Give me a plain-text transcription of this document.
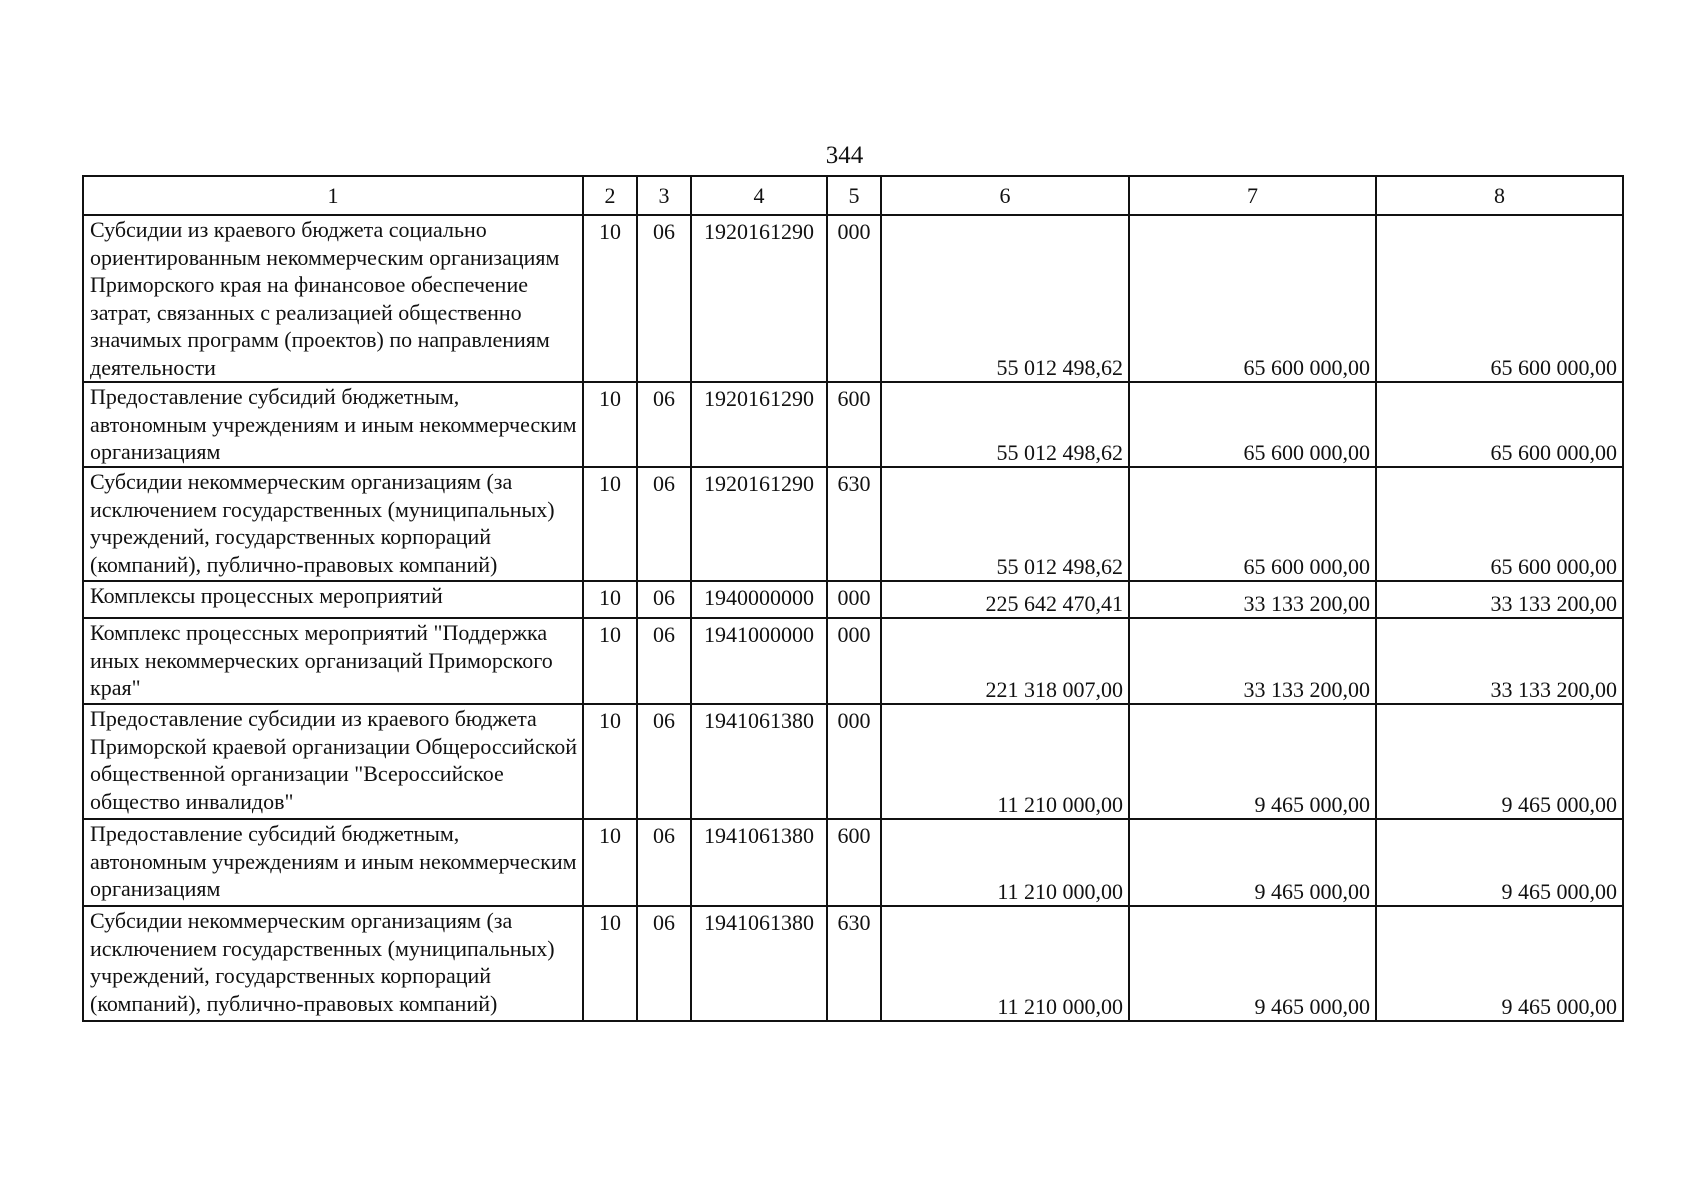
344
1	2	3	4	5	6	7	8
Субсидии из краевого бюджета социально ориентированным некоммерческим организациям Приморского края на финансовое обеспечение затрат, связанных с реализацией общественно значимых программ (проектов) по направлениям деятельности	10	06	1920161290	000	55 012 498,62	65 600 000,00	65 600 000,00
Предоставление субсидий бюджетным, автономным учреждениям и иным некоммерческим организациям	10	06	1920161290	600	55 012 498,62	65 600 000,00	65 600 000,00
Субсидии некоммерческим организациям (за исключением государственных (муниципальных) учреждений, государственных корпораций (компаний), публично-правовых компаний)	10	06	1920161290	630	55 012 498,62	65 600 000,00	65 600 000,00
Комплексы процессных мероприятий	10	06	1940000000	000	225 642 470,41	33 133 200,00	33 133 200,00
Комплекс процессных мероприятий "Поддержка иных некоммерческих организаций Приморского края"	10	06	1941000000	000	221 318 007,00	33 133 200,00	33 133 200,00
Предоставление субсидии из краевого бюджета Приморской краевой организации Общероссийской общественной организации "Всероссийское общество инвалидов"	10	06	1941061380	000	11 210 000,00	9 465 000,00	9 465 000,00
Предоставление субсидий бюджетным, автономным учреждениям и иным некоммерческим организациям	10	06	1941061380	600	11 210 000,00	9 465 000,00	9 465 000,00
Субсидии некоммерческим организациям (за исключением государственных (муниципальных) учреждений, государственных корпораций (компаний), публично-правовых компаний)	10	06	1941061380	630	11 210 000,00	9 465 000,00	9 465 000,00
